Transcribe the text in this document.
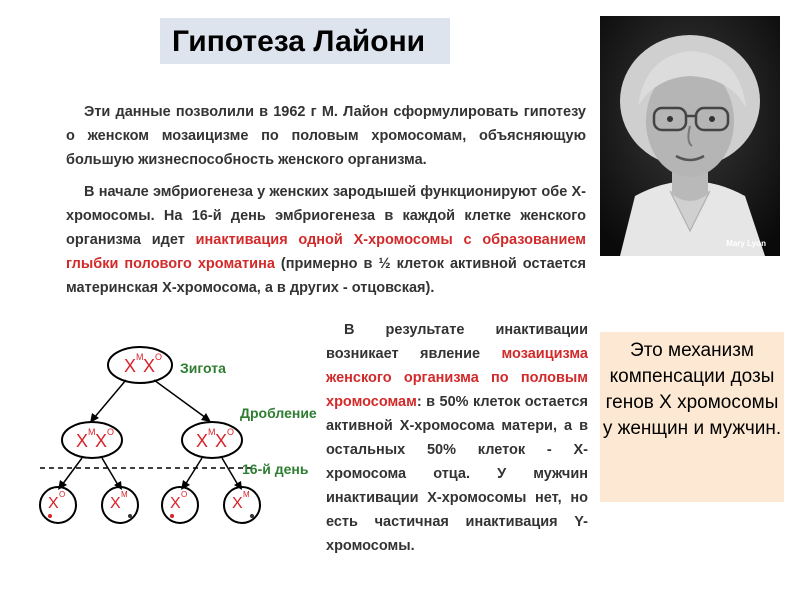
Гипотеза Лайони
Эти данные позволили в 1962 г М. Лайон сформулировать гипотезу о женском мозаицизме по половым хромосомам, объясняющую большую жизнеспособность женского организма.
В начале эмбриогенеза у женских зародышей функционируют обе Х-хромосомы. На 16-й день эмбриогенеза в каждой клетке женского организма идет инактивация одной Х-хромосомы с образованием глыбки полового хроматина (примерно в ½ клеток активной остается материнская Х-хромосома, а в других - отцовская).
В результате инактивации возникает явление мозаицизма женского организма по половым хромосомам: в 50% клеток остается активной Х-хромосома матери, а в остальных 50% клеток - Х-хромосома отца. У мужчин инактивации Х-хромосомы нет, но есть частичная инактивация Y-хромосомы.
Mary Lyon
Это механизм компенсации дозы генов Х хромосомы у женщин и мужчин.
X M X O
Зигота
Дробление
X M X O	X M X O
16-й день
X
O
X
M
X
O
X
M
